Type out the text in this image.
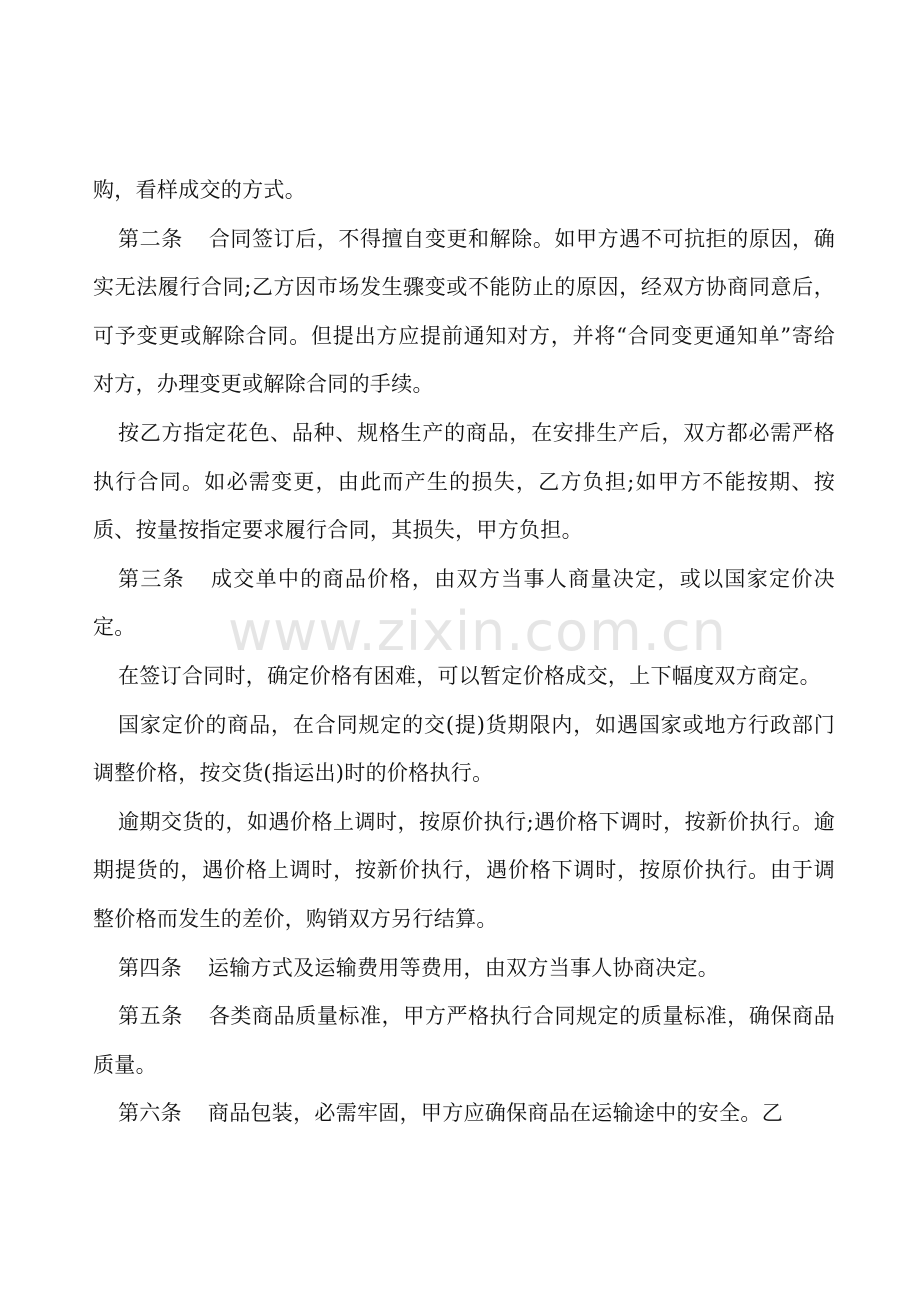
购，看样成交的方式。

第二条 合同签订后，不得擅自变更和解除。如甲方遇不可抗拒的原因，确实无法履行合同;乙方因市场发生骤变或不能防止的原因，经双方协商同意后，可予变更或解除合同。但提出方应提前通知对方，并将“合同变更通知单”寄给对方，办理变更或解除合同的手续。

按乙方指定花色、品种、规格生产的商品，在安排生产后，双方都必需严格执行合同。如必需变更，由此而产生的损失，乙方负担;如甲方不能按期、按质、按量按指定要求履行合同，其损失，甲方负担。

第三条 成交单中的商品价格，由双方当事人商量决定，或以国家定价决定。

在签订合同时，确定价格有困难，可以暂定价格成交，上下幅度双方商定。

国家定价的商品，在合同规定的交(提)货期限内，如遇国家或地方行政部门调整价格，按交货(指运出)时的价格执行。

逾期交货的，如遇价格上调时，按原价执行;遇价格下调时，按新价执行。逾期提货的，遇价格上调时，按新价执行，遇价格下调时，按原价执行。由于调整价格而发生的差价，购销双方另行结算。

第四条 运输方式及运输费用等费用，由双方当事人协商决定。

第五条 各类商品质量标准，甲方严格执行合同规定的质量标准，确保商品质量。

第六条 商品包装，必需牢固，甲方应确保商品在运输途中的安全。乙

www.zixin.com.cn
